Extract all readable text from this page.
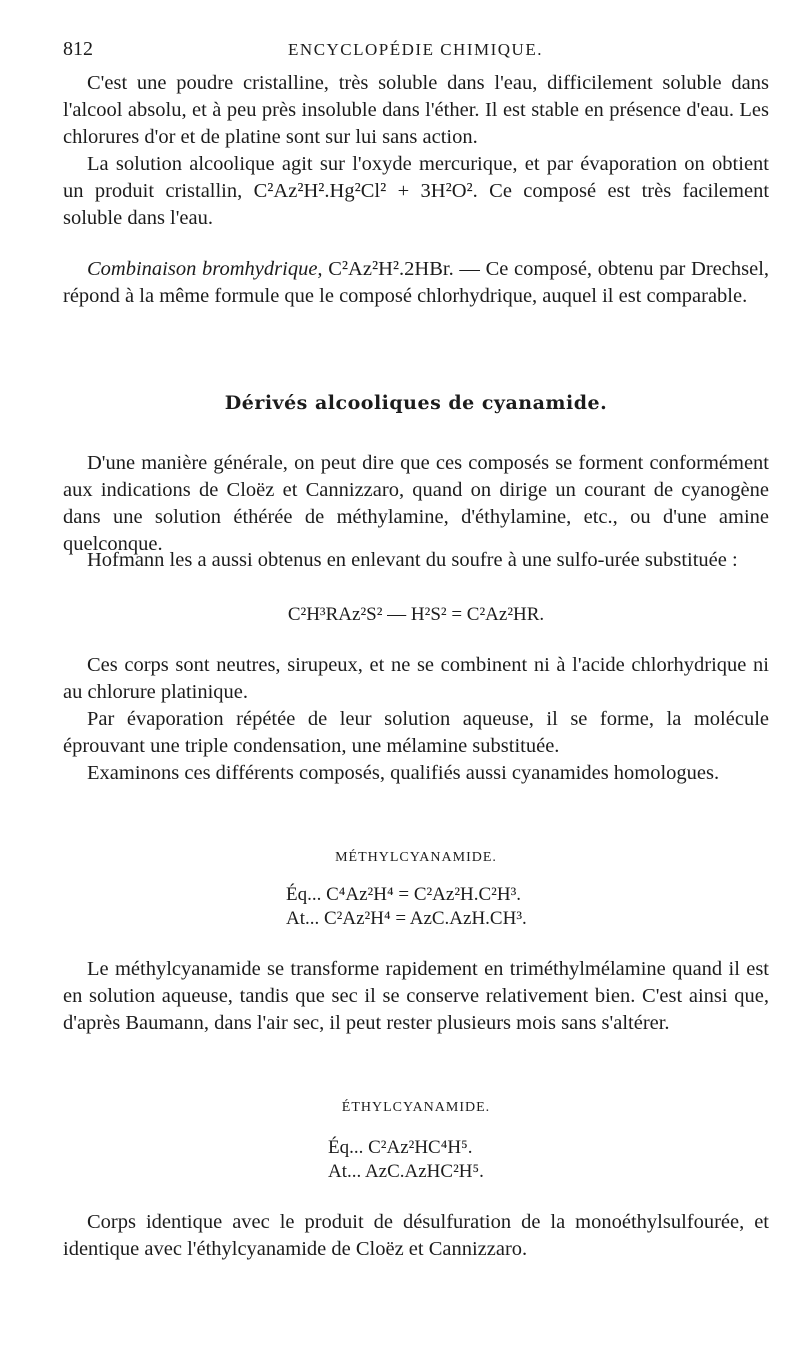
812	ENCYCLOPÉDIE CHIMIQUE.

C'est une poudre cristalline, très soluble dans l'eau, difficilement soluble dans l'alcool absolu, et à peu près insoluble dans l'éther. Il est stable en présence d'eau. Les chlorures d'or et de platine sont sur lui sans action.

La solution alcoolique agit sur l'oxyde mercurique, et par évaporation on obtient un produit cristallin, C²Az²H².Hg²Cl² + 3H²O². Ce composé est très facilement soluble dans l'eau.

Combinaison bromhydrique, C²Az²H².2HBr. — Ce composé, obtenu par Drechsel, répond à la même formule que le composé chlorhydrique, auquel il est comparable.

Dérivés alcooliques de cyanamide.

D'une manière générale, on peut dire que ces composés se forment conformément aux indications de Cloëz et Cannizzaro, quand on dirige un courant de cyanogène dans une solution éthérée de méthylamine, d'éthylamine, etc., ou d'une amine quelconque.

Hofmann les a aussi obtenus en enlevant du soufre à une sulfo-urée substituée :

C²H³RAz²S² — H²S² = C²Az²HR.

Ces corps sont neutres, sirupeux, et ne se combinent ni à l'acide chlorhydrique ni au chlorure platinique.

Par évaporation répétée de leur solution aqueuse, il se forme, la molécule éprouvant une triple condensation, une mélamine substituée.

Examinons ces différents composés, qualifiés aussi cyanamides homologues.

MÉTHYLCYANAMIDE.
Éq... C⁴Az²H⁴ = C²Az²H.C²H³.
At... C²Az²H⁴ = AzC.AzH.CH³.

Le méthylcyanamide se transforme rapidement en triméthylmélamine quand il est en solution aqueuse, tandis que sec il se conserve relativement bien. C'est ainsi que, d'après Baumann, dans l'air sec, il peut rester plusieurs mois sans s'altérer.

ÉTHYLCYANAMIDE.
Éq... C²Az²HC⁴H⁵.
At... AzC.AzHC²H⁵.

Corps identique avec le produit de désulfuration de la monoéthylsulfourée, et identique avec l'éthylcyanamide de Cloëz et Cannizzaro.
